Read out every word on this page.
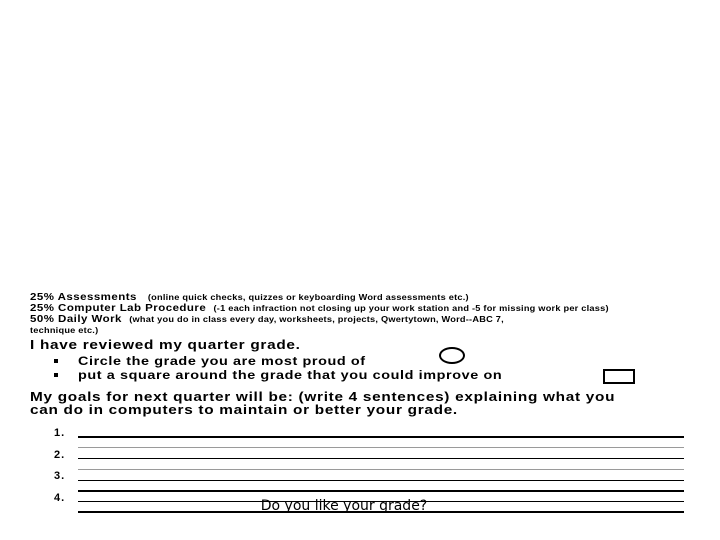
25% Assessments (online quick checks, quizzes or keyboarding Word assessments etc.)
25% Computer Lab Procedure (-1 each infraction not closing up your work station and -5 for missing work per class)
50% Daily Work (what you do in class every day, worksheets, projects, Qwertytown, Word--ABC 7,
technique etc.)
I have reviewed my quarter grade.
Circle the grade you are most proud of
put a square around the grade that you could improve on
My goals for next quarter will be: (write 4 sentences) explaining what you
can do in computers to maintain or better your grade.
1.
2.
3.
4.	Do you like your grade?
